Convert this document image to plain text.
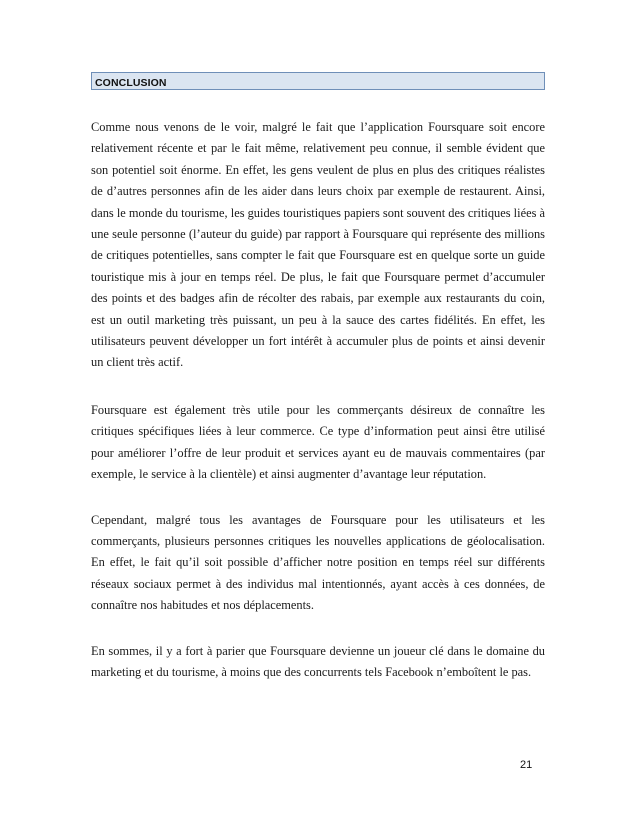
CONCLUSION

Comme nous venons de le voir, malgré le fait que l’application Foursquare soit encore relativement récente et par le fait même, relativement peu connue, il semble évident que son potentiel soit énorme. En effet, les gens veulent de plus en plus des critiques réalistes de d’autres personnes afin de les aider dans leurs choix par exemple de restaurent. Ainsi, dans le monde du tourisme, les guides touristiques papiers sont souvent des critiques liées à une seule personne (l’auteur du guide) par rapport à Foursquare qui représente des millions de critiques potentielles, sans compter le fait que Foursquare est en quelque sorte un guide touristique mis à jour en temps réel. De plus, le fait que Foursquare permet d’accumuler des points et des badges afin de récolter des rabais, par exemple aux restaurants du coin, est un outil marketing très puissant, un peu à la sauce des cartes fidélités. En effet, les utilisateurs peuvent développer un fort intérêt à accumuler plus de points et ainsi devenir un client très actif.

Foursquare est également très utile pour les commerçants désireux de connaître les critiques spécifiques liées à leur commerce. Ce type d’information peut ainsi être utilisé pour améliorer l’offre de leur produit et services ayant eu de mauvais commentaires (par exemple, le service à la clientèle) et ainsi augmenter d’avantage leur réputation.

Cependant, malgré tous les avantages de Foursquare pour les utilisateurs et les commerçants, plusieurs personnes critiques les nouvelles applications de géolocalisation. En effet, le fait qu’il soit possible d’afficher notre position en temps réel sur différents réseaux sociaux permet à des individus mal intentionnés, ayant accès à ces données, de connaître nos habitudes et nos déplacements.

En sommes, il y a fort à parier que Foursquare devienne un joueur clé dans le domaine du marketing et du tourisme, à moins que des concurrents tels Facebook n’emboîtent le pas.

21
